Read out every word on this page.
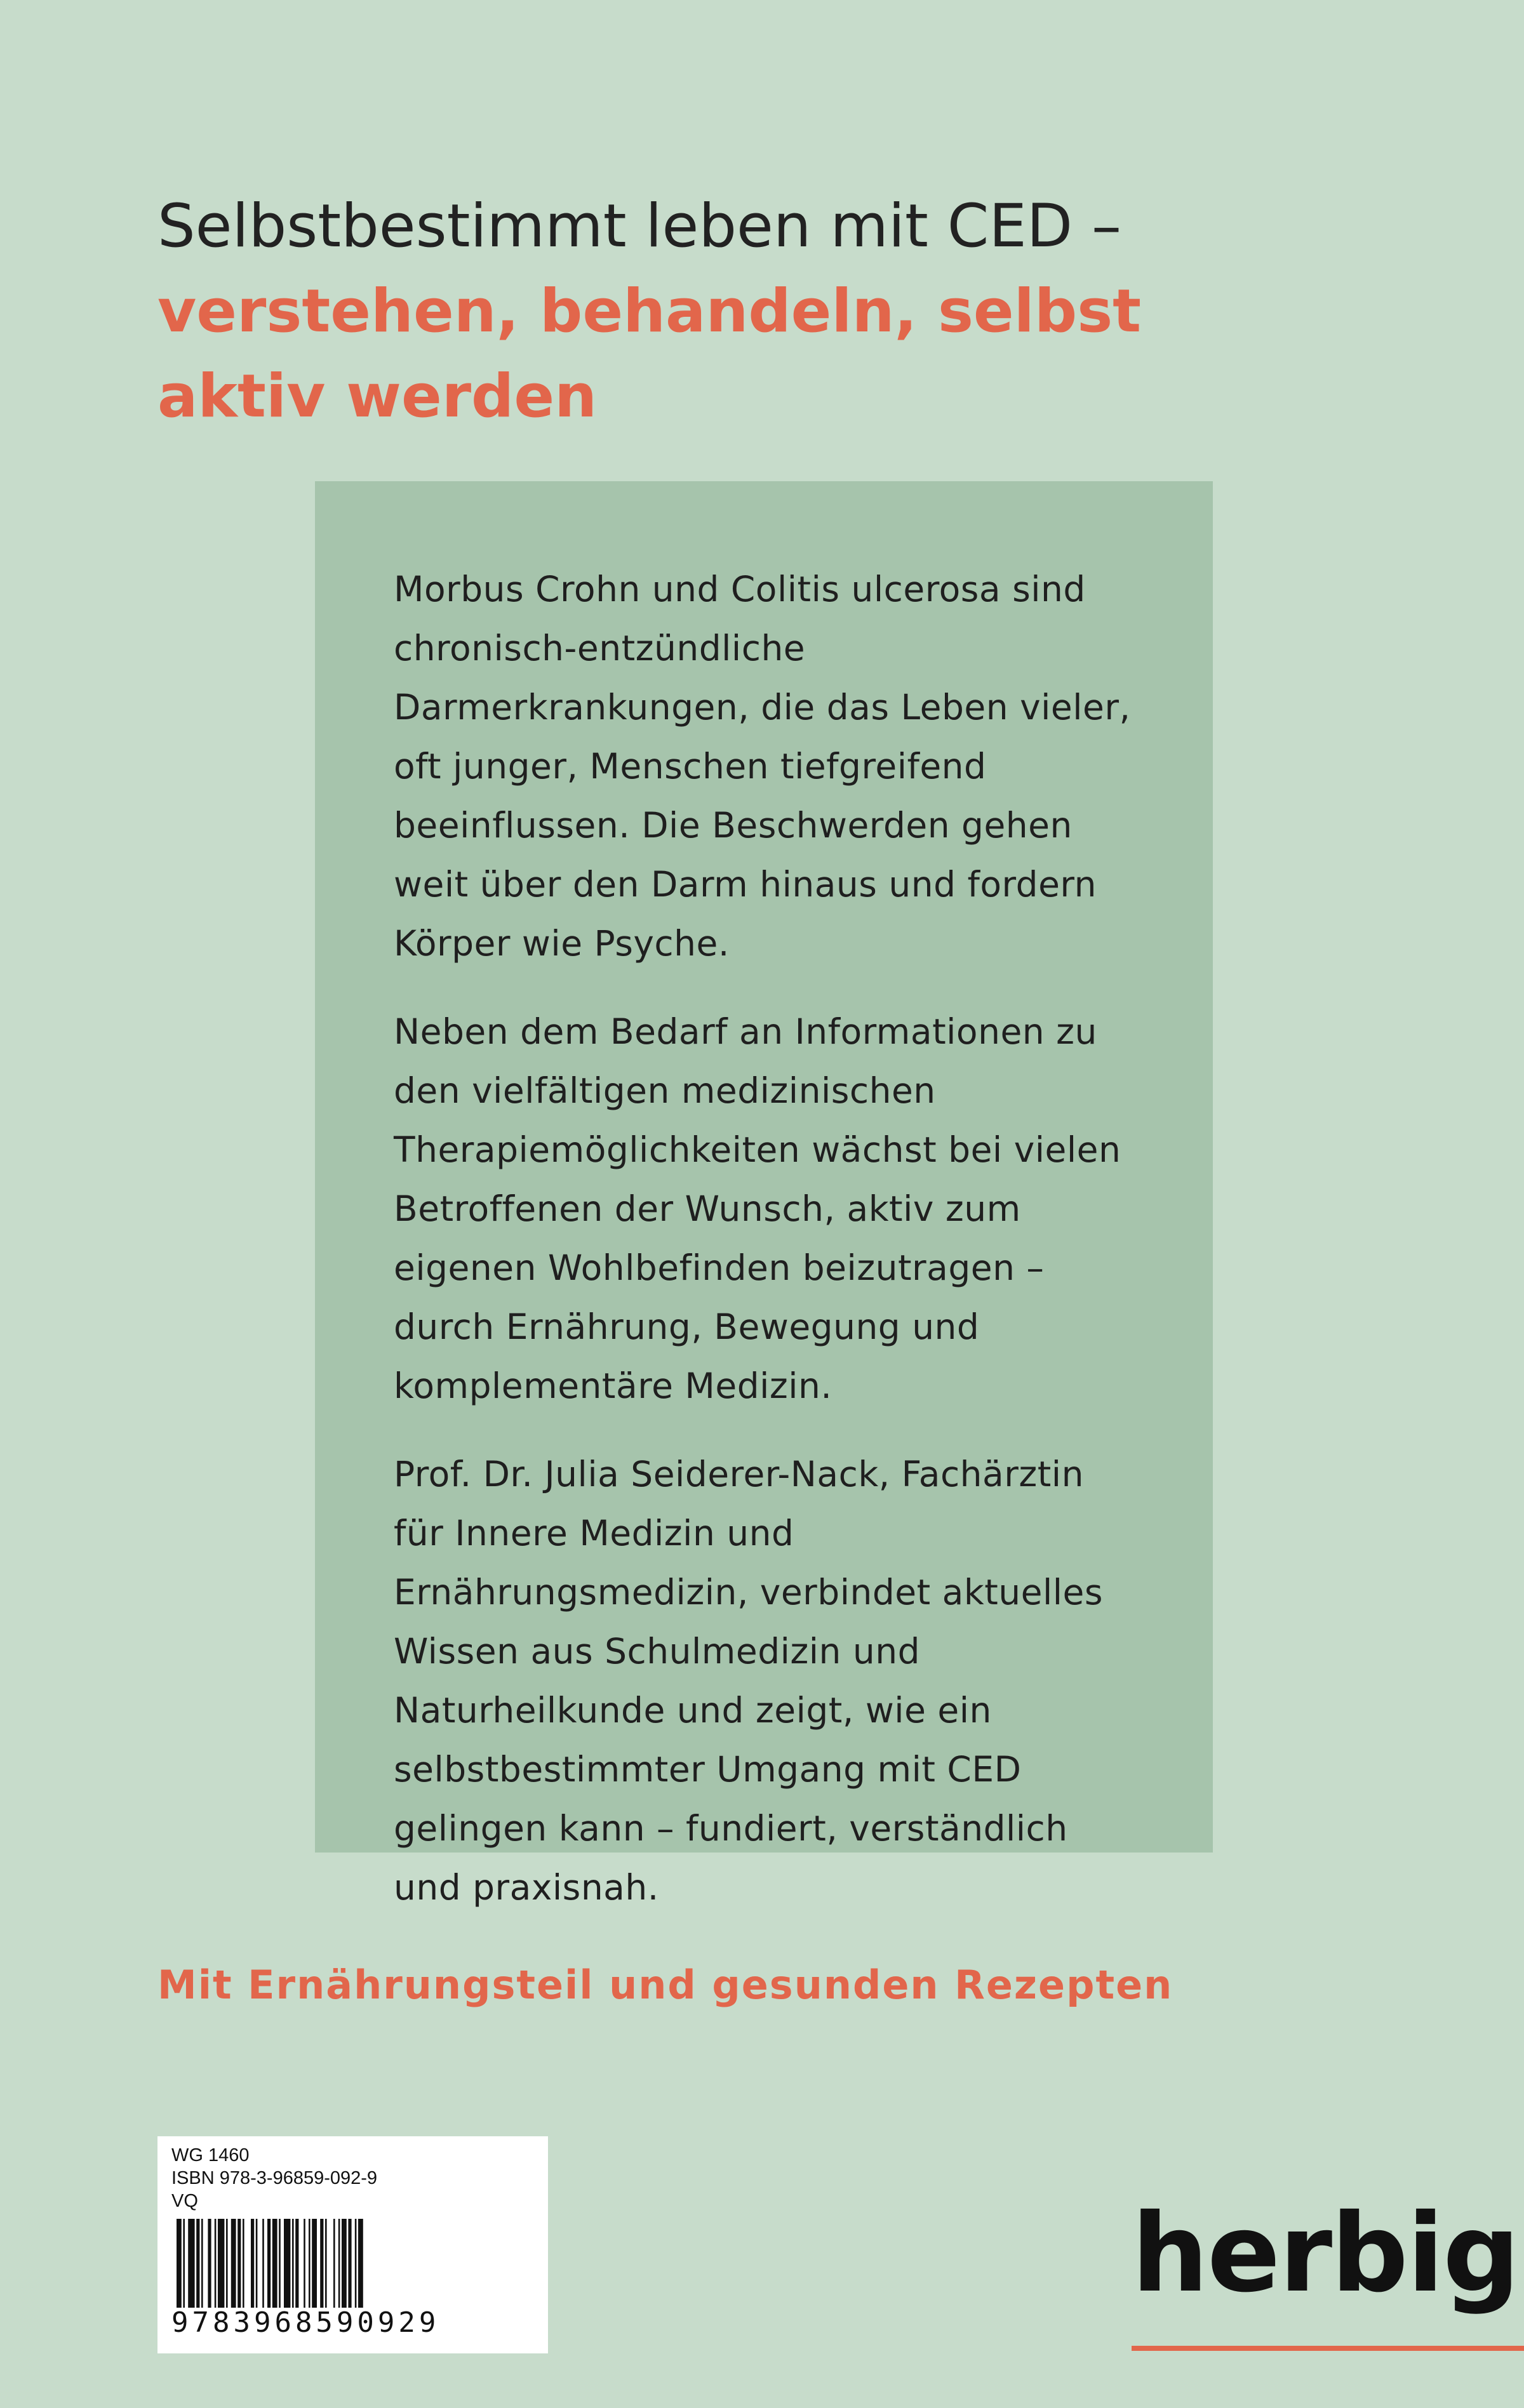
Selbstbestimmt leben mit CED –
verstehen, behandeln, selbst
aktiv werden

Morbus Crohn und Colitis ulcerosa sind chronisch-entzündliche Darmerkrankungen, die das Leben vieler, oft junger, Menschen tiefgreifend beeinflussen. Die Beschwerden gehen weit über den Darm hinaus und fordern Körper wie Psyche.

Neben dem Bedarf an Informationen zu den vielfältigen medizinischen Therapiemöglichkeiten wächst bei vielen Betroffenen der Wunsch, aktiv zum eigenen Wohlbefinden beizutragen – durch Ernährung, Bewegung und komplementäre Medizin.

Prof. Dr. Julia Seiderer-Nack, Fachärztin für Innere Medizin und Ernährungsmedizin, verbindet aktuelles Wissen aus Schulmedizin und Naturheilkunde und zeigt, wie ein selbstbestimmter Umgang mit CED gelingen kann – fundiert, verständlich und praxisnah.

Mit Ernährungsteil und gesunden Rezepten
WG 1460
ISBN 978-3-96859-092-9
VQ
9783968590929
herbig
